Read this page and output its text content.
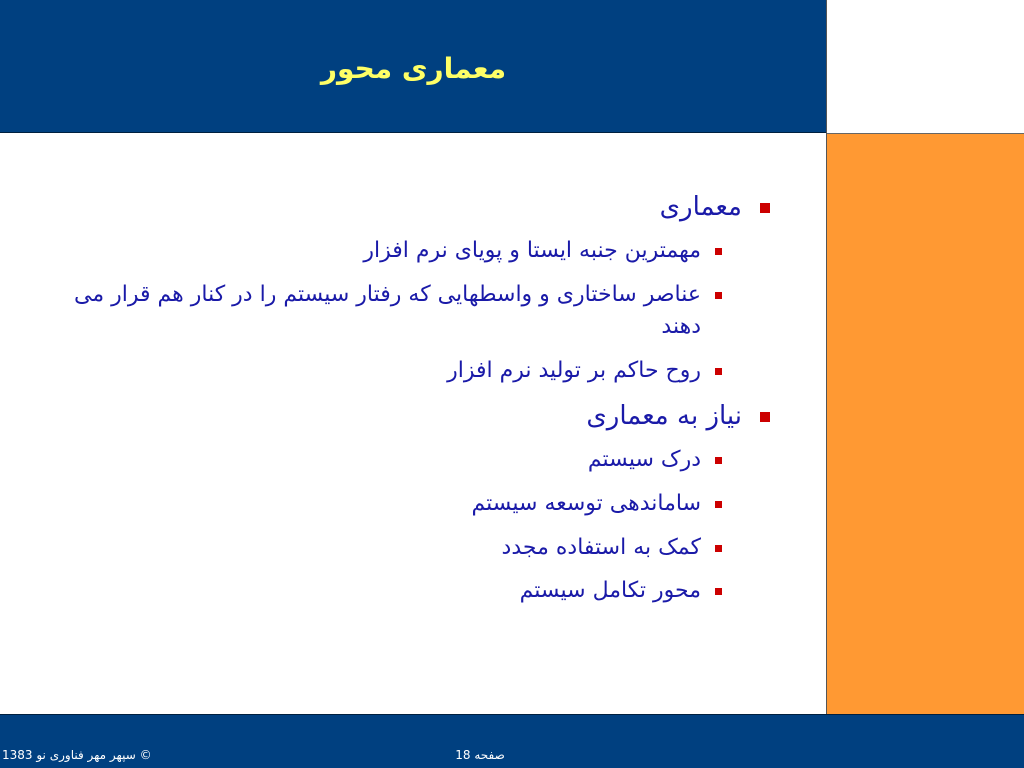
معماری محور
معماری
مهمترین جنبه ایستا و پویای نرم افزار
عناصر ساختاری و واسطهایی که رفتار سیستم را در کنار هم قرار می دهند
روح حاکم بر تولید نرم افزار
نیاز به معماری
درک سیستم
ساماندهی توسعه سیستم
کمک به استفاده مجدد
محور تکامل سیستم
© سپهر مهر فناوری نو 1383	صفحه 18
